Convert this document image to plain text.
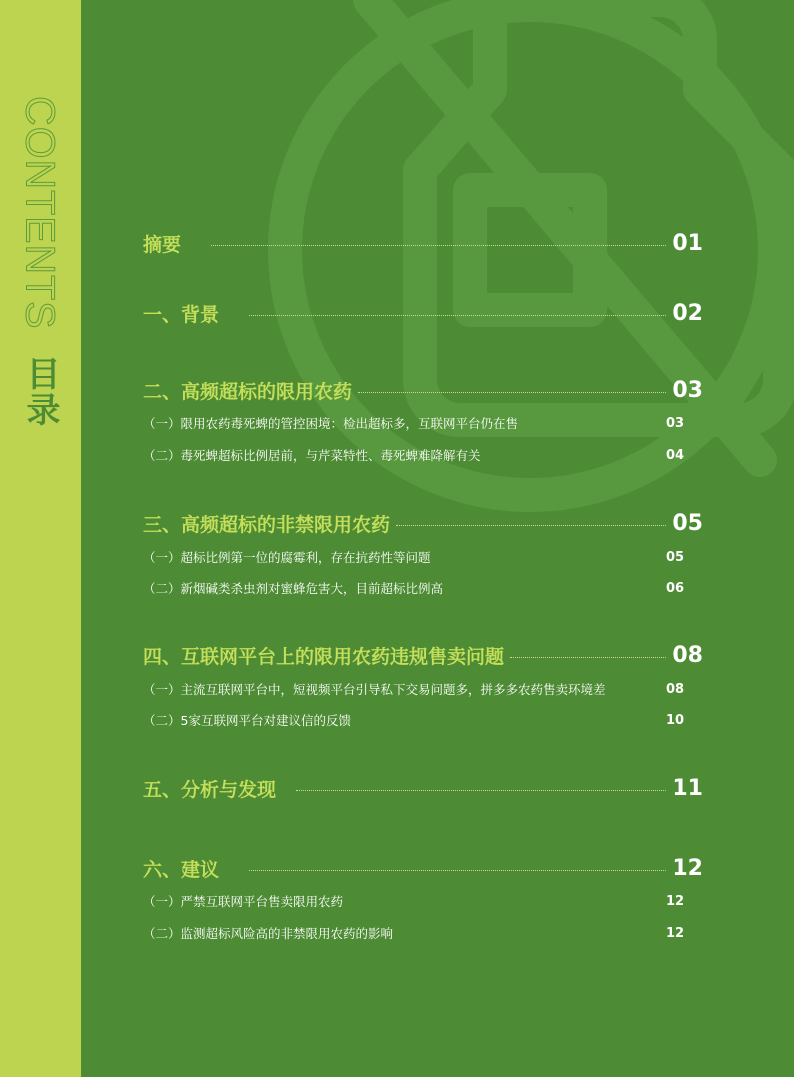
CONTENTS
目录
摘要	01
一、背景	02
二、高频超标的限用农药	03
（一）限用农药毒死蜱的管控困境：检出超标多，互联网平台仍在售	03
（二）毒死蜱超标比例居前，与芹菜特性、毒死蜱难降解有关	04
三、高频超标的非禁限用农药	05
（一）超标比例第一位的腐霉利，存在抗药性等问题	05
（二）新烟碱类杀虫剂对蜜蜂危害大，目前超标比例高	06
四、互联网平台上的限用农药违规售卖问题	08
（一）主流互联网平台中，短视频平台引导私下交易问题多，拼多多农药售卖环境差	08
（二）5家互联网平台对建议信的反馈	10
五、分析与发现	11
六、建议	12
（一）严禁互联网平台售卖限用农药	12
（二）监测超标风险高的非禁限用农药的影响	12
